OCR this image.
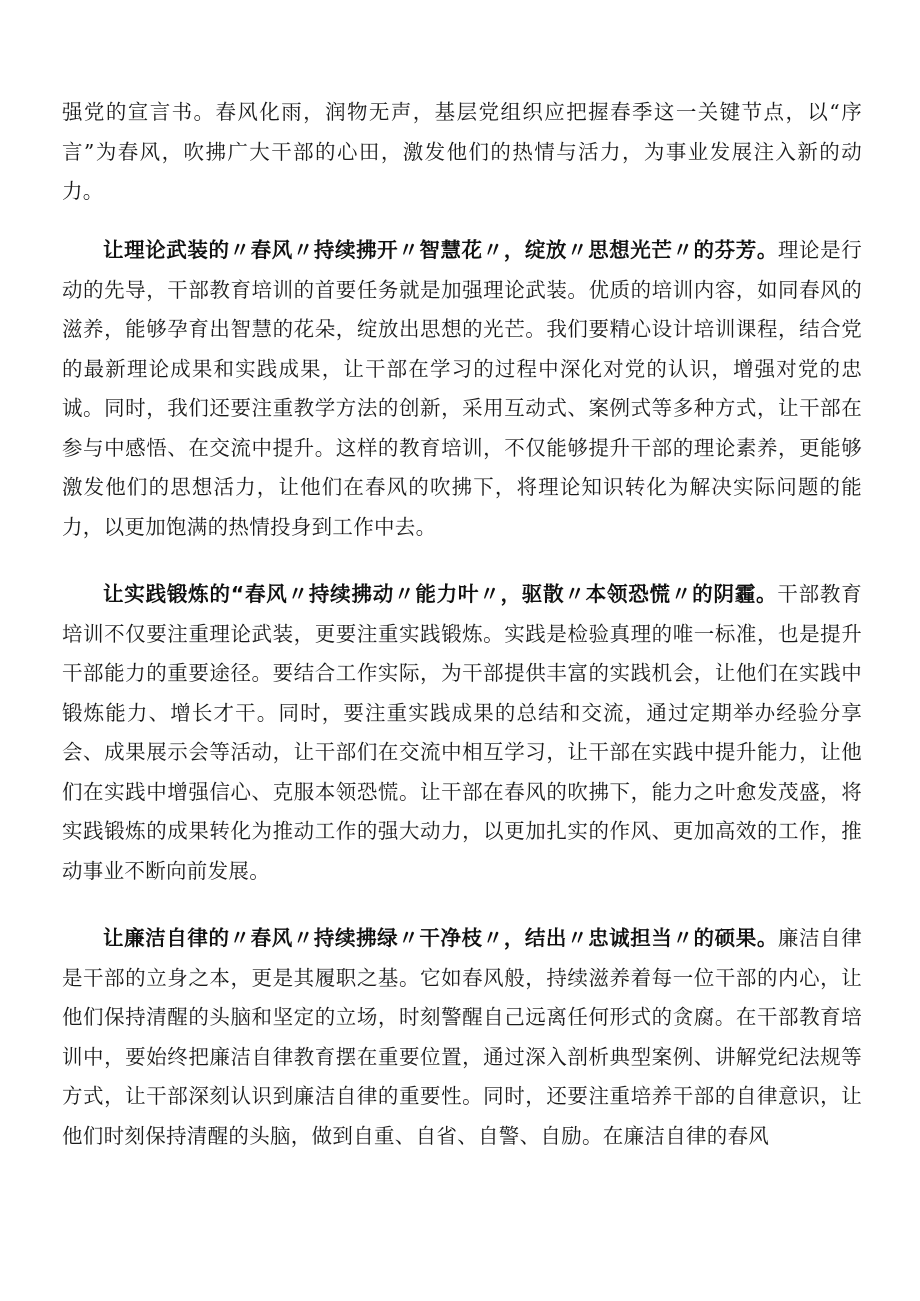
强党的宣言书。春风化雨，润物无声，基层党组织应把握春季这一关键节点，以“序言”为春风，吹拂广大干部的心田，激发他们的热情与活力，为事业发展注入新的动力。

让理论武装的〃春风〃持续拂开〃智慧花〃，绽放〃思想光芒〃的芬芳。理论是行动的先导，干部教育培训的首要任务就是加强理论武装。优质的培训内容，如同春风的滋养，能够孕育出智慧的花朵，绽放出思想的光芒。我们要精心设计培训课程，结合党的最新理论成果和实践成果，让干部在学习的过程中深化对党的认识，增强对党的忠诚。同时，我们还要注重教学方法的创新，采用互动式、案例式等多种方式，让干部在参与中感悟、在交流中提升。这样的教育培训，不仅能够提升干部的理论素养，更能够激发他们的思想活力，让他们在春风的吹拂下，将理论知识转化为解决实际问题的能力，以更加饱满的热情投身到工作中去。

让实践锻炼的“春风〃持续拂动〃能力叶〃，驱散〃本领恐慌〃的阴霾。干部教育培训不仅要注重理论武装，更要注重实践锻炼。实践是检验真理的唯一标准，也是提升干部能力的重要途径。要结合工作实际，为干部提供丰富的实践机会，让他们在实践中锻炼能力、增长才干。同时，要注重实践成果的总结和交流，通过定期举办经验分享会、成果展示会等活动，让干部们在交流中相互学习，让干部在实践中提升能力，让他们在实践中增强信心、克服本领恐慌。让干部在春风的吹拂下，能力之叶愈发茂盛，将实践锻炼的成果转化为推动工作的强大动力，以更加扎实的作风、更加高效的工作，推动事业不断向前发展。

让廉洁自律的〃春风〃持续拂绿〃干净枝〃，结出〃忠诚担当〃的硕果。廉洁自律是干部的立身之本，更是其履职之基。它如春风般，持续滋养着每一位干部的内心，让他们保持清醒的头脑和坚定的立场，时刻警醒自己远离任何形式的贪腐。在干部教育培训中，要始终把廉洁自律教育摆在重要位置，通过深入剖析典型案例、讲解党纪法规等方式，让干部深刻认识到廉洁自律的重要性。同时，还要注重培养干部的自律意识，让他们时刻保持清醒的头脑，做到自重、自省、自警、自励。在廉洁自律的春风
